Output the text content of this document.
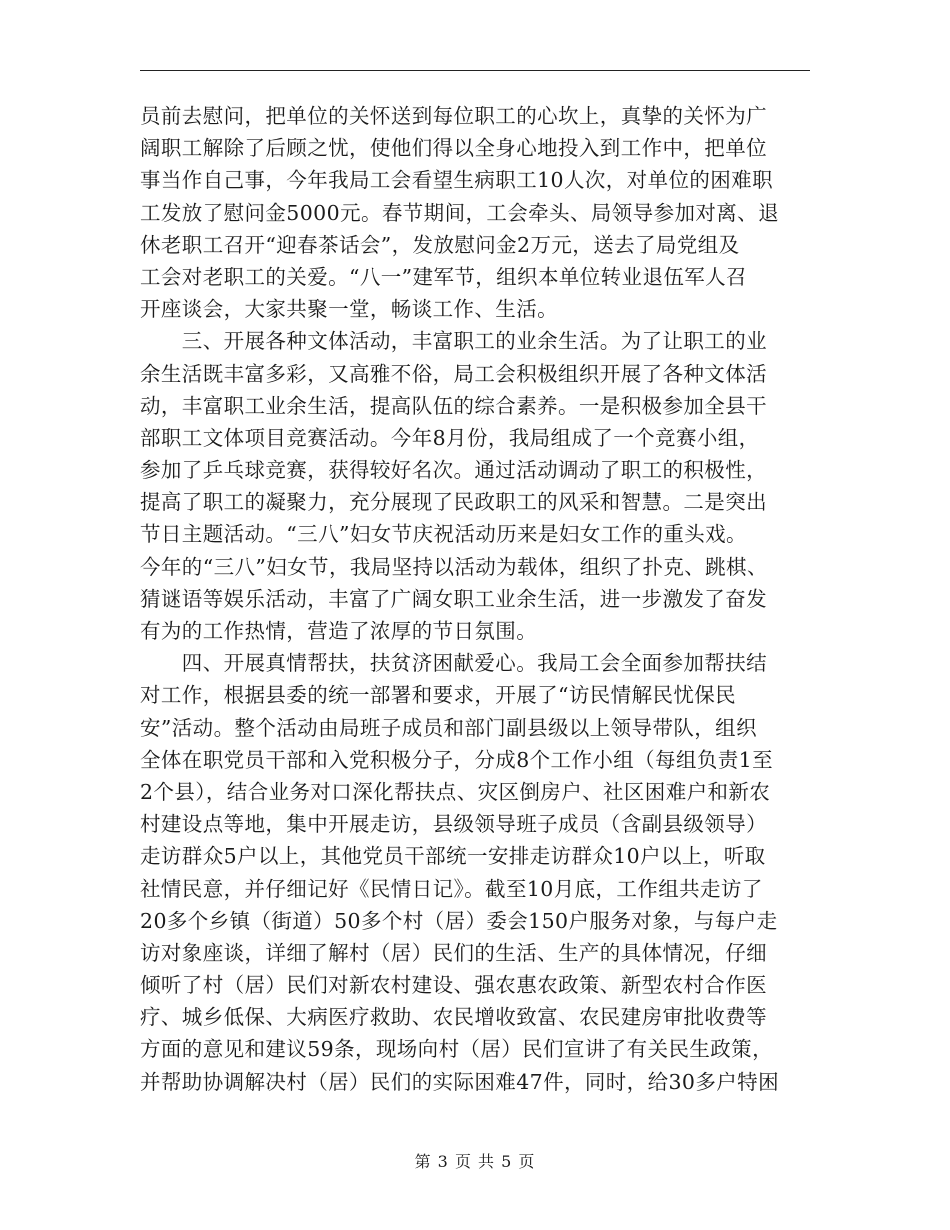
员前去慰问，把单位的关怀送到每位职工的心坎上，真挚的关怀为广
阔职工解除了后顾之忧，使他们得以全身心地投入到工作中，把单位
事当作自己事，今年我局工会看望生病职工10人次，对单位的困难职
工发放了慰问金5000元。春节期间，工会牵头、局领导参加对离、退
休老职工召开“迎春茶话会”，发放慰问金2万元，送去了局党组及
工会对老职工的关爱。“八一”建军节，组织本单位转业退伍军人召
开座谈会，大家共聚一堂，畅谈工作、生活。
　　三、开展各种文体活动，丰富职工的业余生活。为了让职工的业
余生活既丰富多彩，又高雅不俗，局工会积极组织开展了各种文体活
动，丰富职工业余生活，提高队伍的综合素养。一是积极参加全县干
部职工文体项目竞赛活动。今年8月份，我局组成了一个竞赛小组，
参加了乒乓球竞赛，获得较好名次。通过活动调动了职工的积极性，
提高了职工的凝聚力，充分展现了民政职工的风采和智慧。二是突出
节日主题活动。“三八”妇女节庆祝活动历来是妇女工作的重头戏。
今年的“三八”妇女节，我局坚持以活动为载体，组织了扑克、跳棋、
猜谜语等娱乐活动，丰富了广阔女职工业余生活，进一步激发了奋发
有为的工作热情，营造了浓厚的节日氛围。
　　四、开展真情帮扶，扶贫济困献爱心。我局工会全面参加帮扶结
对工作，根据县委的统一部署和要求，开展了“访民情解民忧保民
安”活动。整个活动由局班子成员和部门副县级以上领导带队，组织
全体在职党员干部和入党积极分子，分成8个工作小组（每组负责1至
2个县），结合业务对口深化帮扶点、灾区倒房户、社区困难户和新农
村建设点等地，集中开展走访，县级领导班子成员（含副县级领导）
走访群众5户以上，其他党员干部统一安排走访群众10户以上，听取
社情民意，并仔细记好《民情日记》。截至10月底，工作组共走访了
20多个乡镇（街道）50多个村（居）委会150户服务对象，与每户走
访对象座谈，详细了解村（居）民们的生活、生产的具体情况，仔细
倾听了村（居）民们对新农村建设、强农惠农政策、新型农村合作医
疗、城乡低保、大病医疗救助、农民增收致富、农民建房审批收费等
方面的意见和建议59条，现场向村（居）民们宣讲了有关民生政策，
并帮助协调解决村（居）民们的实际困难47件，同时，给30多户特困
第 3 页 共 5 页
